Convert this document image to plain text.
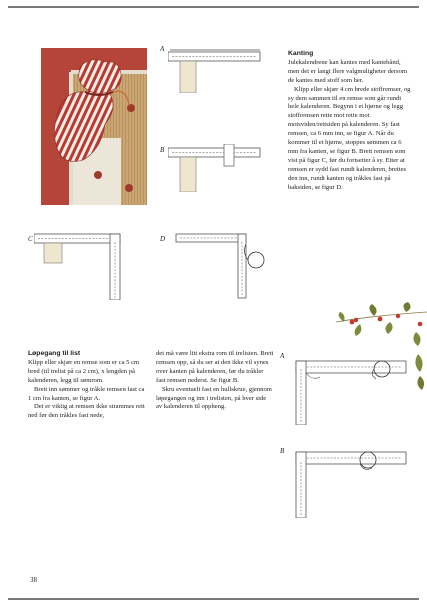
A
B
C	D
Kanting

Julekalendrene kan kantes med kantebånd, men det er langt flere valgmuligheter dersom de kantes med stoff som her.

Klipp eller skjær 4 cm brede stoffremser, og sy dem sammen til en remse som går rundt hele kalenderen. Begynn i et hjørne og legg stoffremsen rette mot rette mot motsviden/rettsiden på kalenderen. Sy fast remsen, ca 6 mm inn, se figur A. Når du kommer til et hjørne, stoppes sømmen ca 6 mm fra kanten, se figur B. Brett remsen som vist på figur C, før du fortsetter å sy. Etter at remsen er sydd fast rundt kalenderen, brettes den inn, rundt kanten og tråkles fast på baksiden, se figur D.

Løpegang til list

Klipp eller skjær en remse som er ca 5 cm bred (til trelist på ca 2 cm), x lengden på kalenderen, legg til sømrom.

Brett inn sømmer og tråkle remsen fast ca 1 cm fra kanten, se figur A.

Det er viktig at remsen ikke strammes rett ned før den tråkles fast nede,

det må være litt ekstra rom til trelisten. Brett remsen opp, så du ser at den ikke vil synes over kanten på kalenderen, før du tråkler fast remsen nederst. Se figur B.

Skru eventuelt fast en hullskrue, gjennom løpegangen og inn i trelisten, på hver side av kalenderen til oppheng.

A
B
38
